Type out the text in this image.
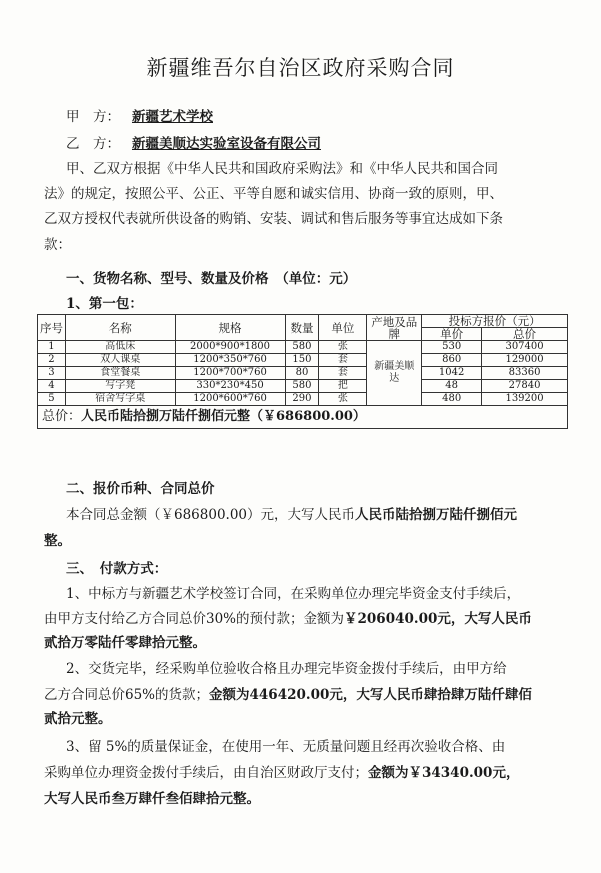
新疆维吾尔自治区政府采购合同
甲　方： 新疆艺术学校
乙　方： 新疆美顺达实验室设备有限公司
甲、乙双方根据《中华人民共和国政府采购法》和《中华人民共和国合同
法》的规定，按照公平、公正、平等自愿和诚实信用、协商一致的原则，甲、
乙双方授权代表就所供设备的购销、安装、调试和售后服务等事宜达成如下条
款：
一、货物名称、型号、数量及价格　（单位：元）
1、第一包：
序号	名称	规格	数量	单位	产地及品牌	投标方报价（元）	
						单价	总价
1	高低床	2000*900*1800	580	张	新疆美顺达	530	307400
2	双人课桌	1200*350*760	150	套		860	129000
3	食堂餐桌	1200*700*760	80	套		1042	83360
4	写字凳	330*230*450	580	把		48	27840
5	宿舍写字桌	1200*600*760	290	张		480	139200
总价：人民币陆拾捌万陆仟捌佰元整（￥686800.00）							
二、报价币种、合同总价
本合同总金额（￥686800.00）元，大写人民币人民币陆拾捌万陆仟捌佰元
整。
三、　付款方式：
1、中标方与新疆艺术学校签订合同，在采购单位办理完毕资金支付手续后，
由甲方支付给乙方合同总价30%的预付款；金额为￥206040.00元，大写人民币
贰拾万零陆仟零肆拾元整。
2、交货完毕，经采购单位验收合格且办理完毕资金拨付手续后，由甲方给
乙方合同总价65%的货款；金额为446420.00元，大写人民币肆拾肆万陆仟肆佰
贰拾元整。
3、留 5%的质量保证金，在使用一年、无质量问题且经再次验收合格、由
采购单位办理资金拨付手续后，由自治区财政厅支付；金额为￥34340.00元，
大写人民币叁万肆仟叁佰肆拾元整。
